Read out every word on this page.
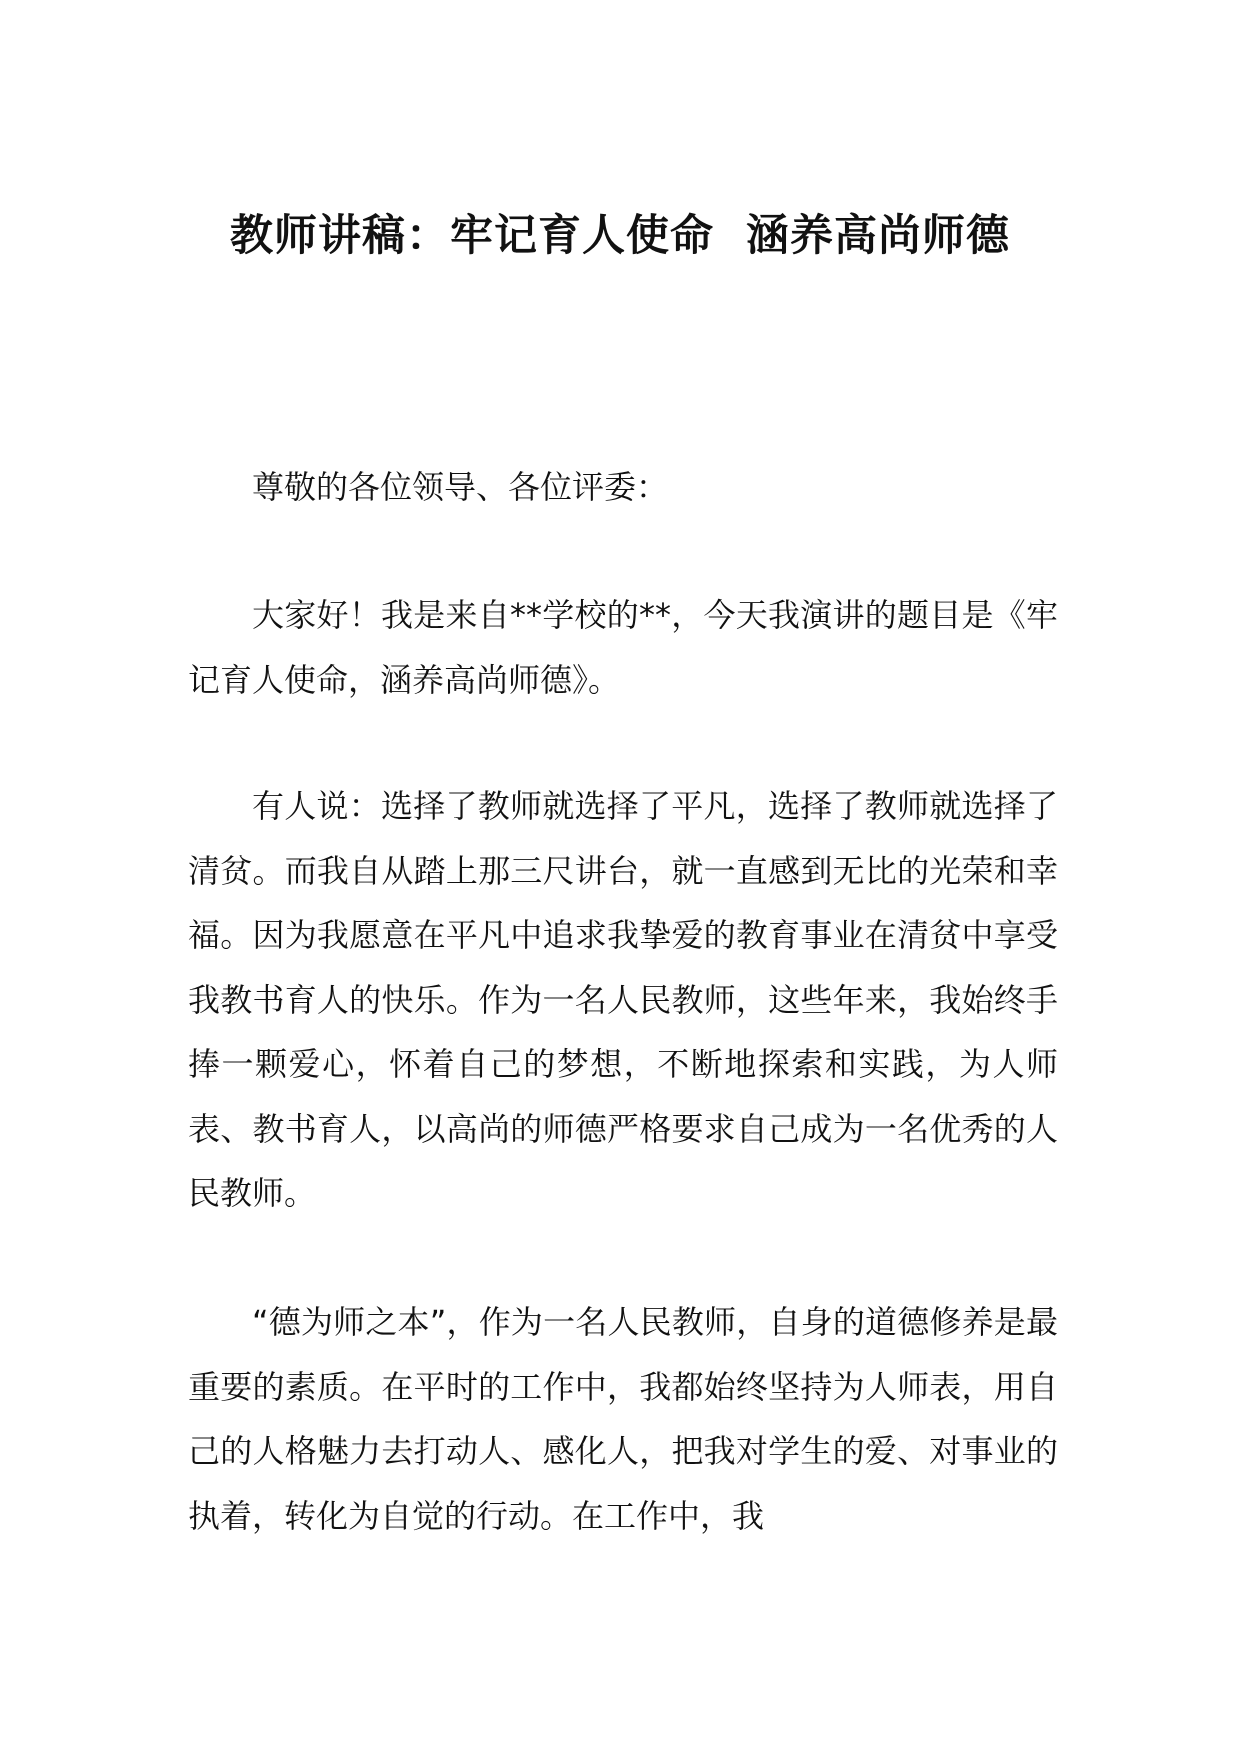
教师讲稿：牢记育人使命  涵养高尚师德

尊敬的各位领导、各位评委：

大家好！我是来自**学校的**，今天我演讲的题目是《牢记育人使命，涵养高尚师德》。

有人说：选择了教师就选择了平凡，选择了教师就选择了清贫。而我自从踏上那三尺讲台，就一直感到无比的光荣和幸福。因为我愿意在平凡中追求我挚爱的教育事业在清贫中享受我教书育人的快乐。作为一名人民教师，这些年来，我始终手捧一颗爱心，怀着自己的梦想，不断地探索和实践，为人师表、教书育人，以高尚的师德严格要求自己成为一名优秀的人民教师。

“德为师之本”，作为一名人民教师，自身的道德修养是最重要的素质。在平时的工作中，我都始终坚持为人师表，用自己的人格魅力去打动人、感化人，把我对学生的爱、对事业的执着，转化为自觉的行动。在工作中，我
